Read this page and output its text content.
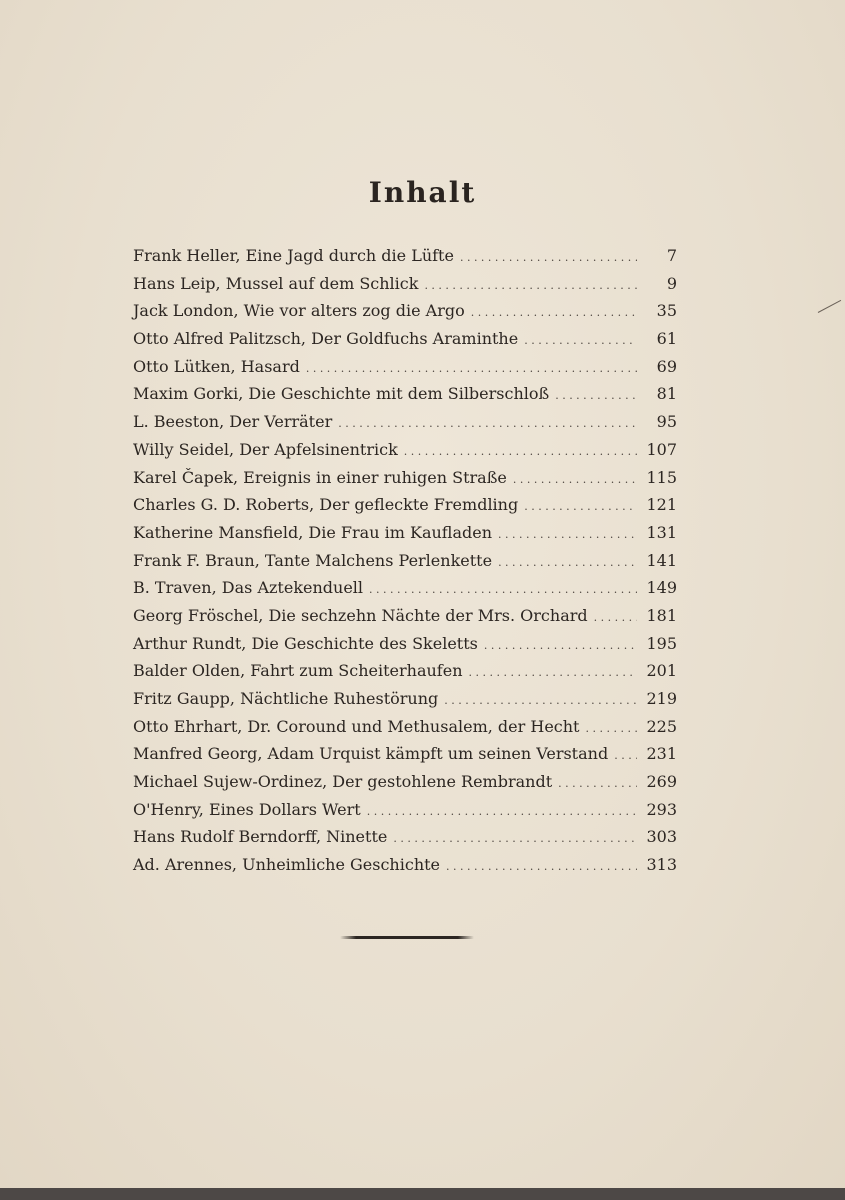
Inhalt
Frank Heller, Eine Jagd durch die Lüfte . . .	7
Hans Leip, Mussel auf dem Schlick . . .	9
Jack London, Wie vor alters zog die Argo . . .	35
Otto Alfred Palitzsch, Der Goldfuchs Araminthe . . .	61
Otto Lütken, Hasard . . .	69
Maxim Gorki, Die Geschichte mit dem Silberschloß . . .	81
L. Beeston, Der Verräter . . .	95
Willy Seidel, Der Apfelsinentrick . . .	107
Karel Čapek, Ereignis in einer ruhigen Straße . . .	115
Charles G. D. Roberts, Der gefleckte Fremdling . . .	121
Katherine Mansfield, Die Frau im Kaufladen . . .	131
Frank F. Braun, Tante Malchens Perlenkette . . .	141
B. Traven, Das Aztekenduell . . .	149
Georg Fröschel, Die sechzehn Nächte der Mrs. Orchard . . .	181
Arthur Rundt, Die Geschichte des Skeletts . . .	195
Balder Olden, Fahrt zum Scheiterhaufen . . .	201
Fritz Gaupp, Nächtliche Ruhestörung . . .	219
Otto Ehrhart, Dr. Coround und Methusalem, der Hecht . . .	225
Manfred Georg, Adam Urquist kämpft um seinen Verstand . . . 231
Michael Sujew-Ordinez, Der gestohlene Rembrandt . . .	269
O'Henry, Eines Dollars Wert . . .	293
Hans Rudolf Berndorff, Ninette . . .	303
Ad. Arennes, Unheimliche Geschichte . . .	313
